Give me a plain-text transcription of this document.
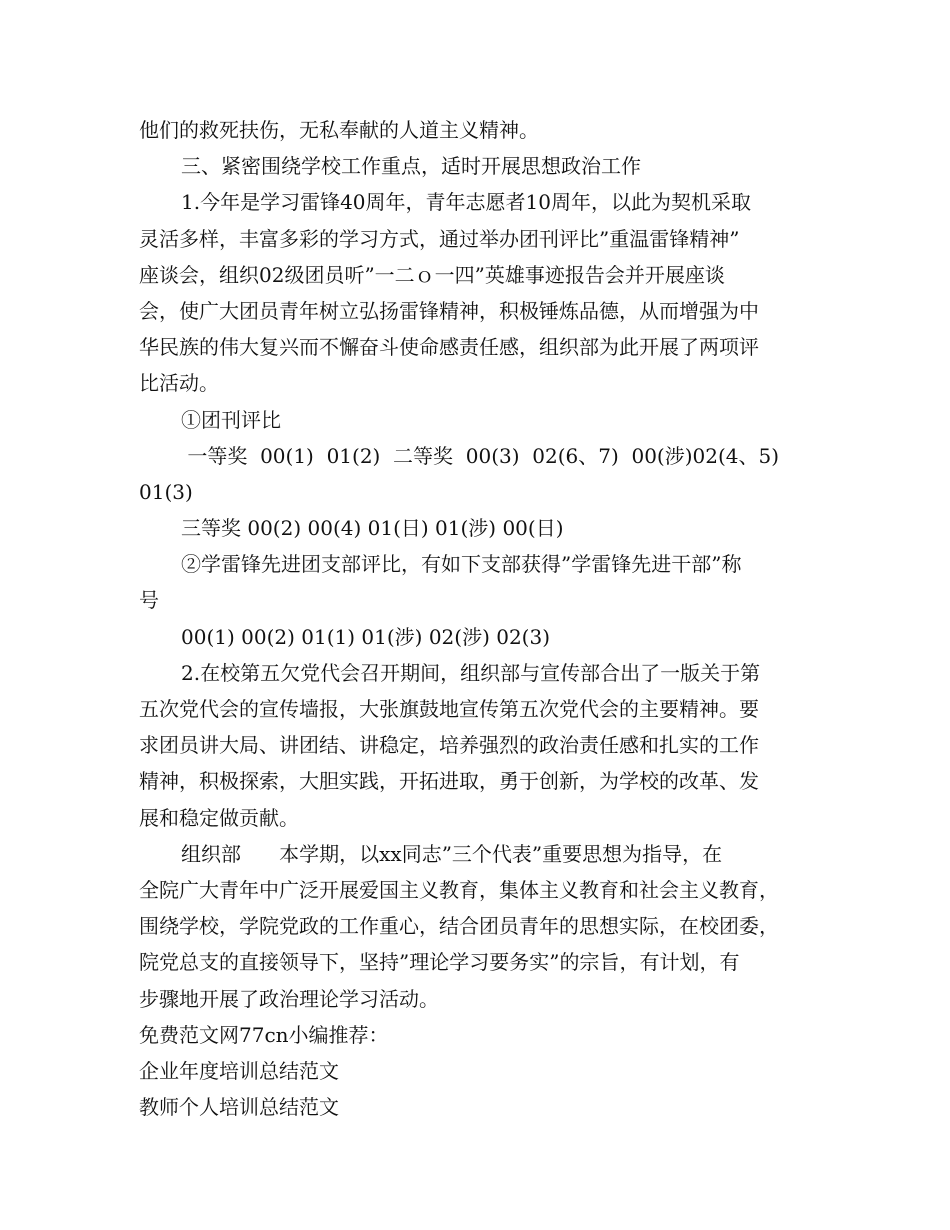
他们的救死扶伤，无私奉献的人道主义精神。
三、紧密围绕学校工作重点，适时开展思想政治工作
1.今年是学习雷锋40周年，青年志愿者10周年，以此为契机采取
灵活多样，丰富多彩的学习方式，通过举办团刊评比”重温雷锋精神”
座谈会，组织02级团员听”一二ｏ一四”英雄事迹报告会并开展座谈
会，使广大团员青年树立弘扬雷锋精神，积极锤炼品德，从而增强为中
华民族的伟大复兴而不懈奋斗使命感责任感，组织部为此开展了两项评
比活动。
①团刊评比
一等奖  00(1)  01(2)  二等奖  00(3)  02(6、7)  00(涉)02(4、5)
01(3)
三等奖 00(2) 00(4) 01(日) 01(涉) 00(日)
②学雷锋先进团支部评比，有如下支部获得”学雷锋先进干部”称
号
00(1) 00(2) 01(1) 01(涉) 02(涉) 02(3)
2.在校第五欠党代会召开期间，组织部与宣传部合出了一版关于第
五次党代会的宣传墙报，大张旗鼓地宣传第五次党代会的主要精神。要
求团员讲大局、讲团结、讲稳定，培养强烈的政治责任感和扎实的工作
精神，积极探索，大胆实践，开拓进取，勇于创新，为学校的改革、发
展和稳定做贡献。
组织部      本学期，以xx同志”三个代表”重要思想为指导，在
全院广大青年中广泛开展爱国主义教育，集体主义教育和社会主义教育，
围绕学校，学院党政的工作重心，结合团员青年的思想实际，在校团委，
院党总支的直接领导下，坚持”理论学习要务实”的宗旨，有计划，有
步骤地开展了政治理论学习活动。
免费范文网77cn小编推荐：
企业年度培训总结范文
教师个人培训总结范文
